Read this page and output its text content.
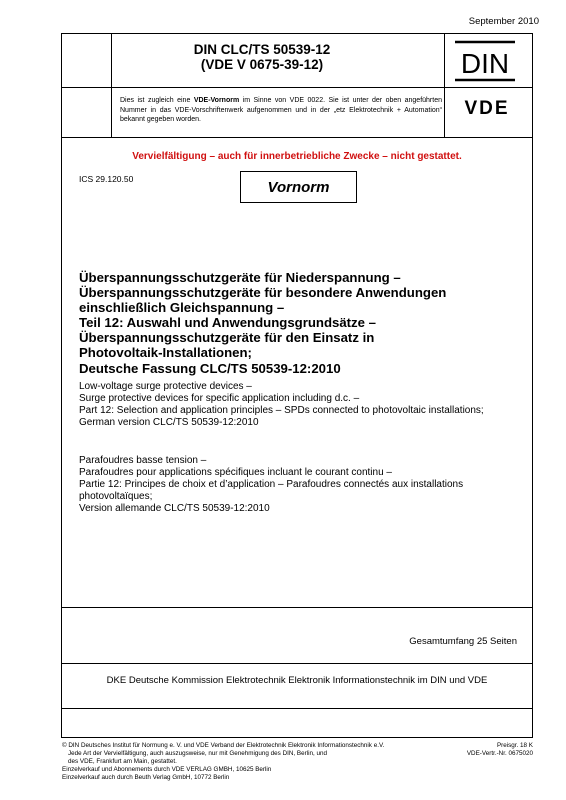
September 2010
DIN CLC/TS 50539-12
(VDE V 0675-39-12)	DIN
VDE
Dies ist zugleich eine VDE-Vornorm im Sinne von VDE 0022. Sie ist unter der oben angeführten Nummer in das VDE-Vorschriftenwerk aufgenommen und in der „etz Elektrotechnik + Automation“ bekannt gegeben worden.
Vervielfältigung – auch für innerbetriebliche Zwecke – nicht gestattet.
ICS 29.120.50	Vornorm
Überspannungsschutzgeräte für Niederspannung –
Überspannungsschutzgeräte für besondere Anwendungen
einschließlich Gleichspannung –
Teil 12: Auswahl und Anwendungsgrundsätze –
Überspannungsschutzgeräte für den Einsatz in
Photovoltaik-Installationen;
Deutsche Fassung CLC/TS 50539-12:2010
Low-voltage surge protective devices –
Surge protective devices for specific application including d.c. –
Part 12: Selection and application principles – SPDs connected to photovoltaic installations;
German version CLC/TS 50539-12:2010
Parafoudres basse tension –
Parafoudres pour applications spécifiques incluant le courant continu –
Partie 12: Principes de choix et d’application – Parafoudres connectés aux installations
photovoltaïques;
Version allemande CLC/TS 50539-12:2010
Gesamtumfang 25 Seiten
DKE Deutsche Kommission Elektrotechnik Elektronik Informationstechnik im DIN und VDE
© DIN Deutsches Institut für Normung e. V. und VDE Verband der Elektrotechnik Elektronik Informationstechnik e.V.
Jede Art der Vervielfältigung, auch auszugsweise, nur mit Genehmigung des DIN, Berlin, und
des VDE, Frankfurt am Main, gestattet.
Einzelverkauf und Abonnements durch VDE VERLAG GMBH, 10625 Berlin
Einzelverkauf auch durch Beuth Verlag GmbH, 10772 Berlin
Preisgr. 18 K
VDE-Vertr.-Nr. 0675020
